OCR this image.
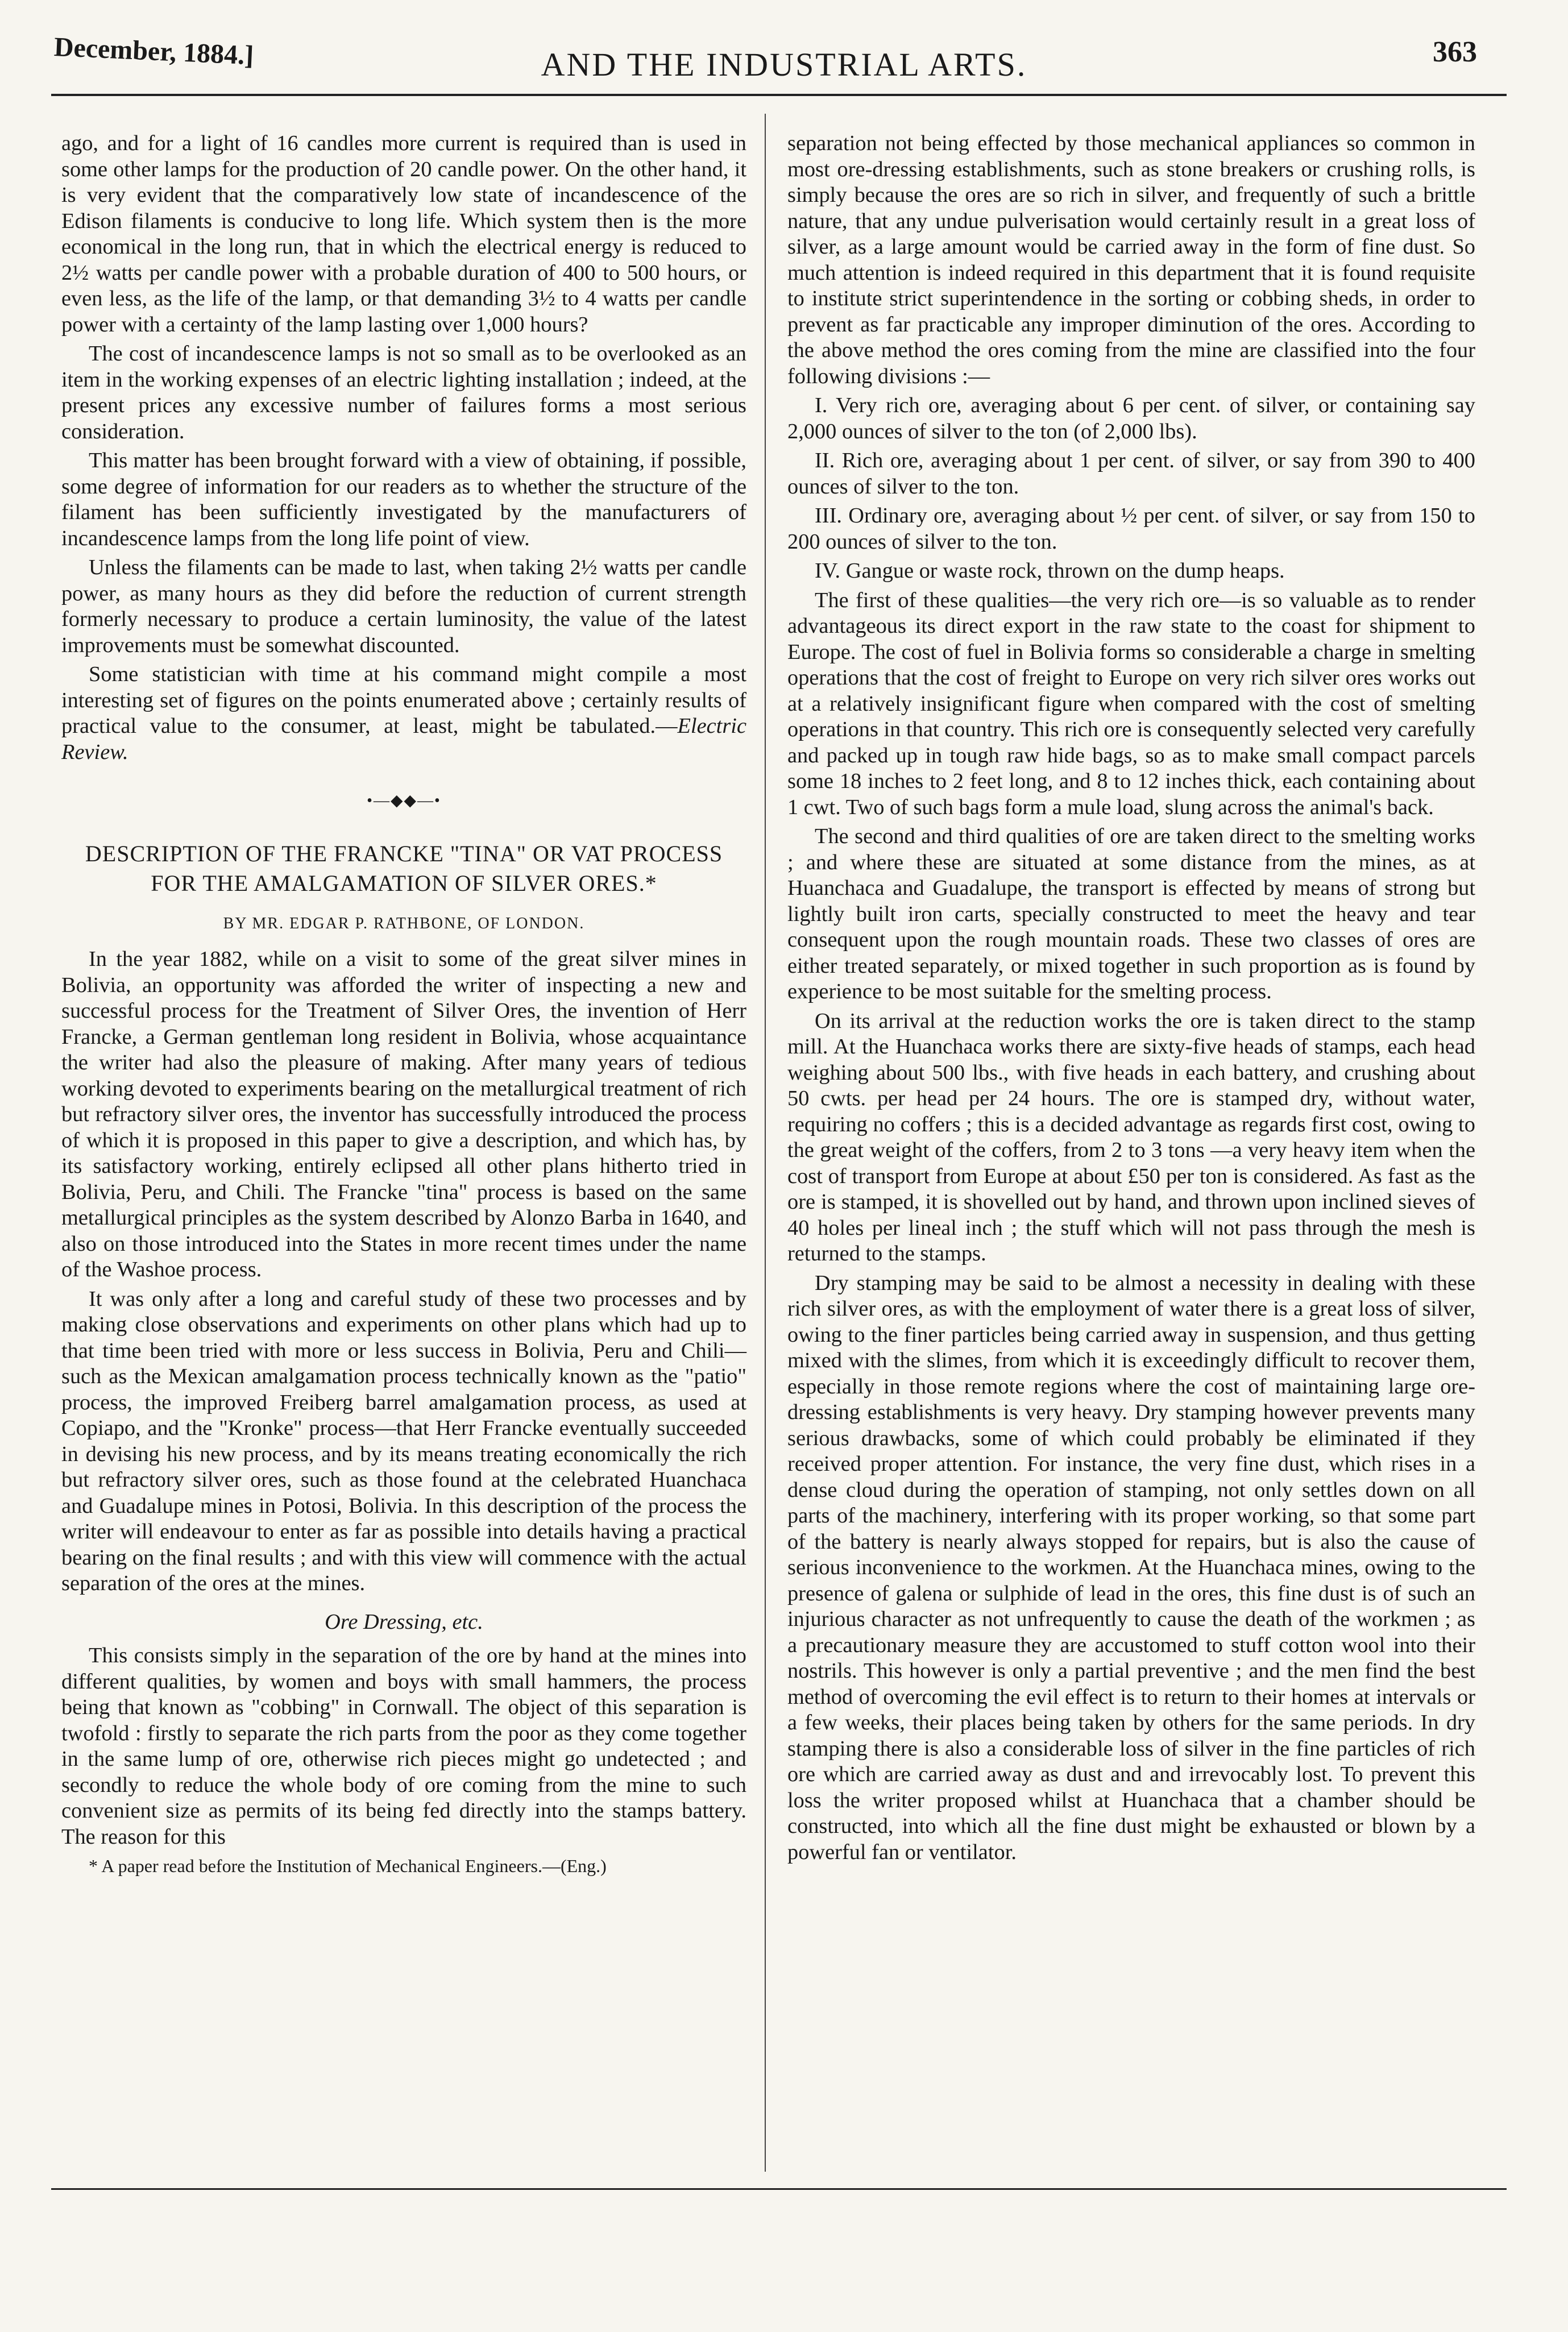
December, 1884.]	AND THE INDUSTRIAL ARTS.	363

ago, and for a light of 16 candles more current is required than is used in some other lamps for the production of 20 candle power. On the other hand, it is very evident that the comparatively low state of incandescence of the Edison filaments is conducive to long life. Which system then is the more economical in the long run, that in which the electrical energy is reduced to 2½ watts per candle power with a probable duration of 400 to 500 hours, or even less, as the life of the lamp, or that demanding 3½ to 4 watts per candle power with a certainty of the lamp lasting over 1,000 hours?

The cost of incandescence lamps is not so small as to be overlooked as an item in the working expenses of an electric lighting installation ; indeed, at the present prices any excessive number of failures forms a most serious consideration.

This matter has been brought forward with a view of obtaining, if possible, some degree of information for our readers as to whether the structure of the filament has been sufficiently investigated by the manufacturers of incandescence lamps from the long life point of view.

Unless the filaments can be made to last, when taking 2½ watts per candle power, as many hours as they did before the reduction of current strength formerly necessary to produce a certain luminosity, the value of the latest improvements must be somewhat discounted.

Some statistician with time at his command might compile a most interesting set of figures on the points enumerated above ; certainly results of practical value to the consumer, at least, might be tabulated.—Electric Review.

•—◆◆—•
DESCRIPTION OF THE FRANCKE "TINA" OR VAT PROCESS FOR THE AMALGAMATION OF SILVER ORES.*
BY MR. EDGAR P. RATHBONE, OF LONDON.

In the year 1882, while on a visit to some of the great silver mines in Bolivia, an opportunity was afforded the writer of inspecting a new and successful process for the Treatment of Silver Ores, the invention of Herr Francke, a German gentleman long resident in Bolivia, whose acquaintance the writer had also the pleasure of making. After many years of tedious working devoted to experiments bearing on the metallurgical treatment of rich but refractory silver ores, the inventor has successfully introduced the process of which it is proposed in this paper to give a description, and which has, by its satisfactory working, entirely eclipsed all other plans hitherto tried in Bolivia, Peru, and Chili. The Francke "tina" process is based on the same metallurgical principles as the system described by Alonzo Barba in 1640, and also on those introduced into the States in more recent times under the name of the Washoe process.

It was only after a long and careful study of these two processes and by making close observations and experiments on other plans which had up to that time been tried with more or less success in Bolivia, Peru and Chili—such as the Mexican amalgamation process technically known as the "patio" process, the improved Freiberg barrel amalgamation process, as used at Copiapo, and the "Kronke" process—that Herr Francke eventually succeeded in devising his new process, and by its means treating economically the rich but refractory silver ores, such as those found at the celebrated Huanchaca and Guadalupe mines in Potosi, Bolivia. In this description of the process the writer will endeavour to enter as far as possible into details having a practical bearing on the final results ; and with this view will commence with the actual separation of the ores at the mines.

Ore Dressing, etc.

This consists simply in the separation of the ore by hand at the mines into different qualities, by women and boys with small hammers, the process being that known as "cobbing" in Cornwall. The object of this separation is twofold : firstly to separate the rich parts from the poor as they come together in the same lump of ore, otherwise rich pieces might go undetected ; and secondly to reduce the whole body of ore coming from the mine to such convenient size as permits of its being fed directly into the stamps battery. The reason for this

* A paper read before the Institution of Mechanical Engineers.—(Eng.)

separation not being effected by those mechanical appliances so common in most ore-dressing establishments, such as stone breakers or crushing rolls, is simply because the ores are so rich in silver, and frequently of such a brittle nature, that any undue pulverisation would certainly result in a great loss of silver, as a large amount would be carried away in the form of fine dust. So much attention is indeed required in this department that it is found requisite to institute strict superintendence in the sorting or cobbing sheds, in order to prevent as far practicable any improper diminution of the ores. According to the above method the ores coming from the mine are classified into the four following divisions :—

I. Very rich ore, averaging about 6 per cent. of silver, or containing say 2,000 ounces of silver to the ton (of 2,000 lbs).

II. Rich ore, averaging about 1 per cent. of silver, or say from 390 to 400 ounces of silver to the ton.

III. Ordinary ore, averaging about ½ per cent. of silver, or say from 150 to 200 ounces of silver to the ton.

IV. Gangue or waste rock, thrown on the dump heaps.

The first of these qualities—the very rich ore—is so valuable as to render advantageous its direct export in the raw state to the coast for shipment to Europe. The cost of fuel in Bolivia forms so considerable a charge in smelting operations that the cost of freight to Europe on very rich silver ores works out at a relatively insignificant figure when compared with the cost of smelting operations in that country. This rich ore is consequently selected very carefully and packed up in tough raw hide bags, so as to make small compact parcels some 18 inches to 2 feet long, and 8 to 12 inches thick, each containing about 1 cwt. Two of such bags form a mule load, slung across the animal's back.

The second and third qualities of ore are taken direct to the smelting works ; and where these are situated at some distance from the mines, as at Huanchaca and Guadalupe, the transport is effected by means of strong but lightly built iron carts, specially constructed to meet the heavy and tear consequent upon the rough mountain roads. These two classes of ores are either treated separately, or mixed together in such proportion as is found by experience to be most suitable for the smelting process.

On its arrival at the reduction works the ore is taken direct to the stamp mill. At the Huanchaca works there are sixty-five heads of stamps, each head weighing about 500 lbs., with five heads in each battery, and crushing about 50 cwts. per head per 24 hours. The ore is stamped dry, without water, requiring no coffers ; this is a decided advantage as regards first cost, owing to the great weight of the coffers, from 2 to 3 tons —a very heavy item when the cost of transport from Europe at about £50 per ton is considered. As fast as the ore is stamped, it is shovelled out by hand, and thrown upon inclined sieves of 40 holes per lineal inch ; the stuff which will not pass through the mesh is returned to the stamps.

Dry stamping may be said to be almost a necessity in dealing with these rich silver ores, as with the employment of water there is a great loss of silver, owing to the finer particles being carried away in suspension, and thus getting mixed with the slimes, from which it is exceedingly difficult to recover them, especially in those remote regions where the cost of maintaining large ore-dressing establishments is very heavy. Dry stamping however prevents many serious drawbacks, some of which could probably be eliminated if they received proper attention. For instance, the very fine dust, which rises in a dense cloud during the operation of stamping, not only settles down on all parts of the machinery, interfering with its proper working, so that some part of the battery is nearly always stopped for repairs, but is also the cause of serious inconvenience to the workmen. At the Huanchaca mines, owing to the presence of galena or sulphide of lead in the ores, this fine dust is of such an injurious character as not unfrequently to cause the death of the workmen ; as a precautionary measure they are accustomed to stuff cotton wool into their nostrils. This however is only a partial preventive ; and the men find the best method of overcoming the evil effect is to return to their homes at intervals or a few weeks, their places being taken by others for the same periods. In dry stamping there is also a considerable loss of silver in the fine particles of rich ore which are carried away as dust and and irrevocably lost. To prevent this loss the writer proposed whilst at Huanchaca that a chamber should be constructed, into which all the fine dust might be exhausted or blown by a powerful fan or ventilator.
